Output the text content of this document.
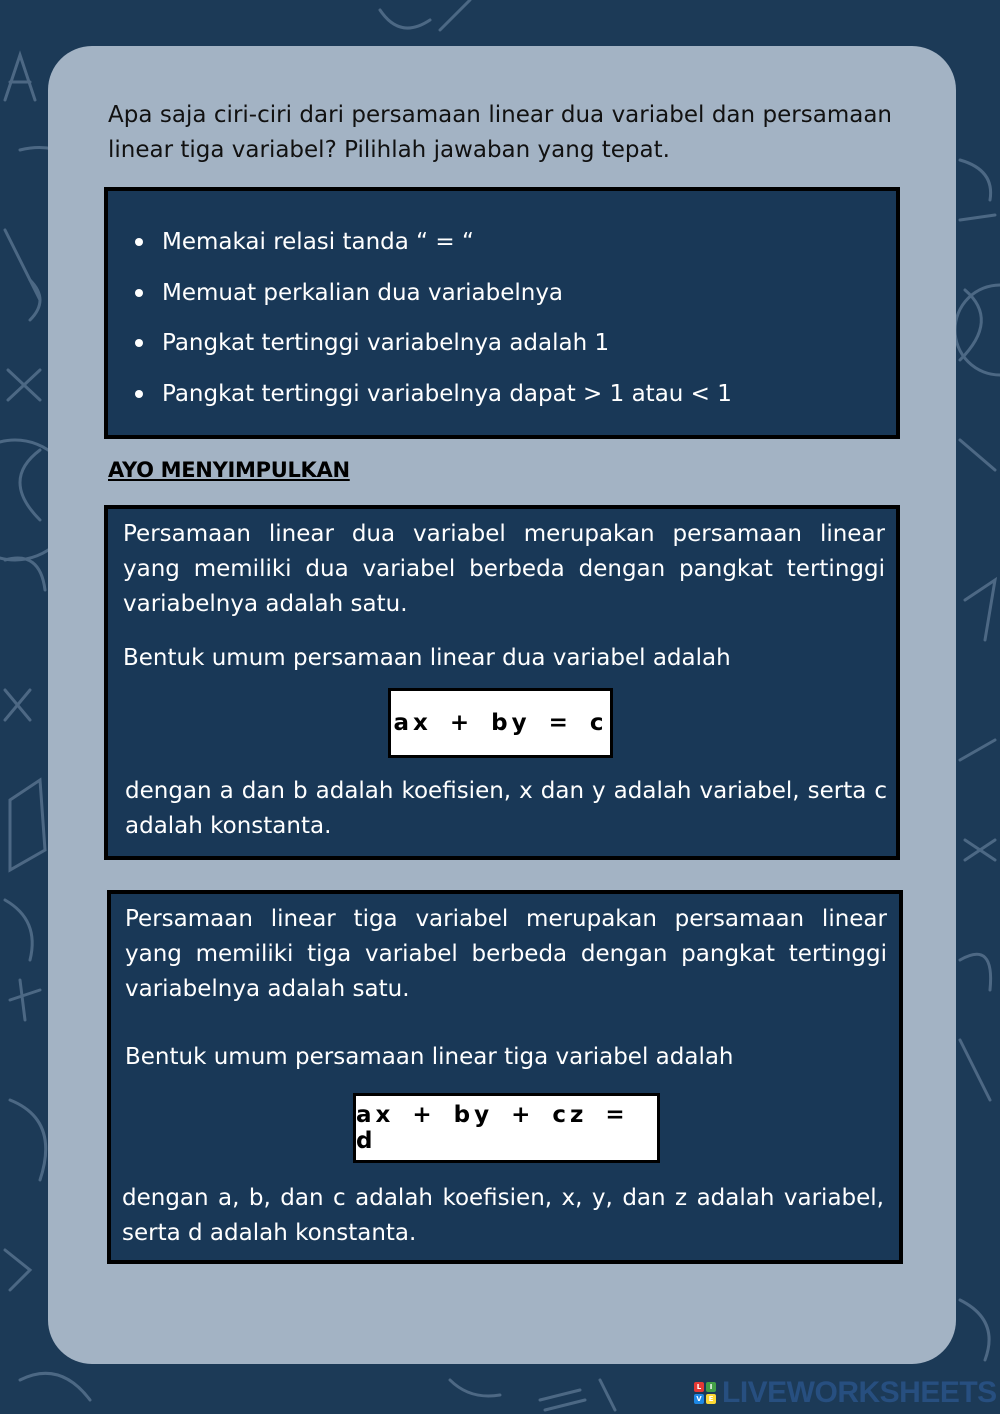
Apa saja ciri-ciri dari persamaan linear dua variabel dan persamaan linear tiga variabel? Pilihlah jawaban yang tepat.
Memakai relasi tanda “ = “
Memuat perkalian dua variabelnya
Pangkat tertinggi variabelnya adalah 1
Pangkat tertinggi variabelnya dapat > 1 atau < 1
AYO MENYIMPULKAN
Persamaan linear dua variabel merupakan persamaan linear yang memiliki dua variabel berbeda dengan pangkat tertinggi variabelnya adalah satu.
Bentuk umum persamaan linear dua variabel adalah
ax + by = c
dengan a dan b adalah koefisien, x dan y adalah variabel, serta c adalah konstanta.
Persamaan linear tiga variabel merupakan persamaan linear yang memiliki tiga variabel berbeda dengan pangkat tertinggi variabelnya adalah satu.
Bentuk umum persamaan linear tiga variabel adalah
ax + by + cz = d
dengan a, b, dan c adalah koefisien, x, y, dan z adalah variabel, serta d adalah konstanta.
L	I
V E LIVEWORKSHEETS
